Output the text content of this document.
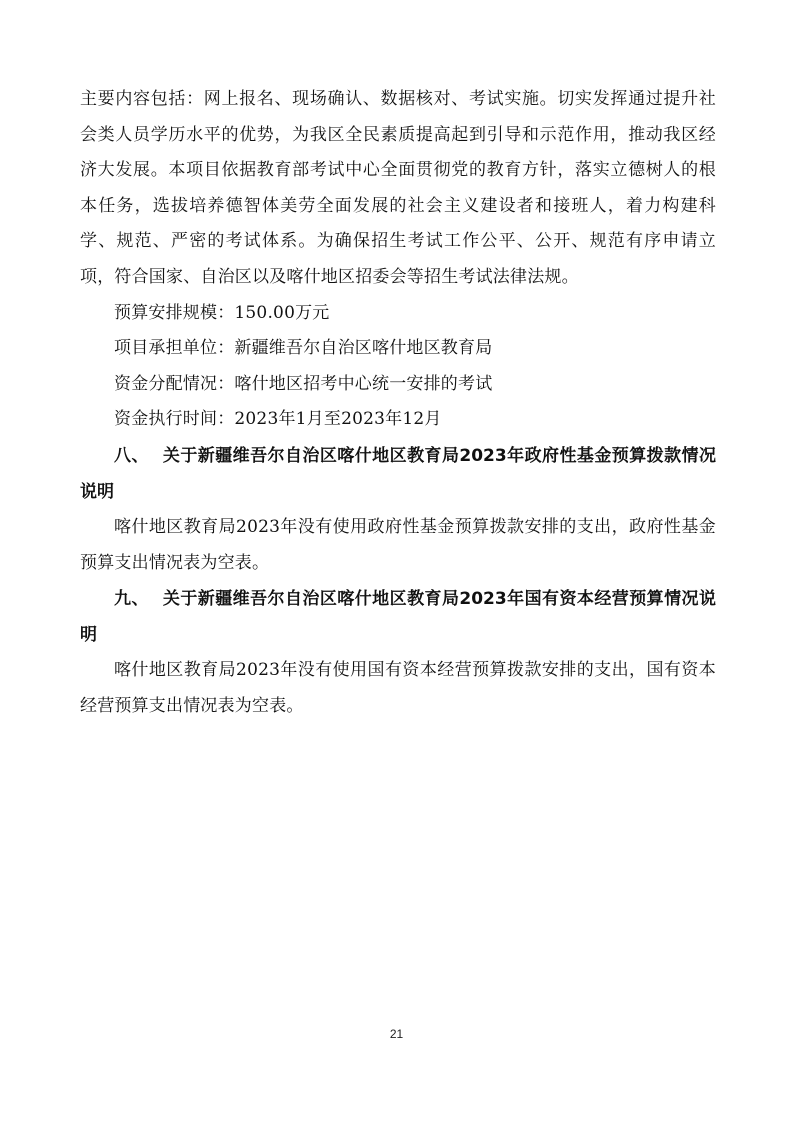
主要内容包括：网上报名、现场确认、数据核对、考试实施。切实发挥通过提升社会类人员学历水平的优势，为我区全民素质提高起到引导和示范作用，推动我区经济大发展。本项目依据教育部考试中心全面贯彻党的教育方针，落实立德树人的根本任务，选拔培养德智体美劳全面发展的社会主义建设者和接班人，着力构建科学、规范、严密的考试体系。为确保招生考试工作公平、公开、规范有序申请立项，符合国家、自治区以及喀什地区招委会等招生考试法律法规。

预算安排规模：150.00万元

项目承担单位：新疆维吾尔自治区喀什地区教育局

资金分配情况：喀什地区招考中心统一安排的考试

资金执行时间：2023年1月至2023年12月

八、 关于新疆维吾尔自治区喀什地区教育局2023年政府性基金预算拨款情况说明

喀什地区教育局2023年没有使用政府性基金预算拨款安排的支出，政府性基金预算支出情况表为空表。

九、 关于新疆维吾尔自治区喀什地区教育局2023年国有资本经营预算情况说明

喀什地区教育局2023年没有使用国有资本经营预算拨款安排的支出，国有资本经营预算支出情况表为空表。

21
